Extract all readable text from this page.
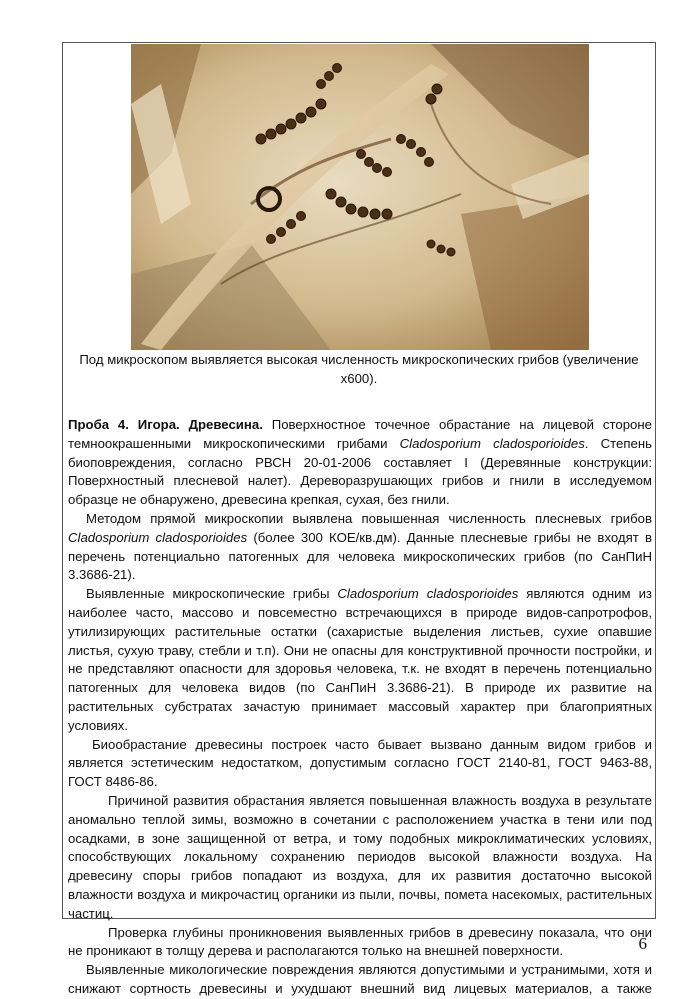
Под микроскопом выявляется высокая численность микроскопических грибов (увеличение х600).

Проба 4. Игора. Древесина. Поверхностное точечное обрастание на лицевой стороне темноокрашенными микроскопическими грибами Cladosporium cladosporioides. Степень биоповреждения, согласно РВСН 20-01-2006 составляет I (Деревянные конструкции: Поверхностный плесневой налет). Дереворазрушающих грибов и гнили в исследуемом образце не обнаружено, древесина крепкая, сухая, без гнили.

Методом прямой микроскопии выявлена повышенная численность плесневых грибов Cladosporium cladosporioides (более 300 КОЕ/кв.дм). Данные плесневые грибы не входят в перечень потенциально патогенных для человека микроскопических грибов (по СанПиН 3.3686-21).

Выявленные микроскопические грибы Cladosporium cladosporioides являются одним из наиболее часто, массово и повсеместно встречающихся в природе видов-сапротрофов, утилизирующих растительные остатки (сахаристые выделения листьев, сухие опавшие листья, сухую траву, стебли и т.п). Они не опасны для конструктивной прочности постройки, и не представляют опасности для здоровья человека, т.к. не входят в перечень потенциально патогенных для человека видов (по СанПиН 3.3686-21). В природе их развитие на растительных субстратах зачастую принимает массовый характер при благоприятных условиях.

Биообрастание древесины построек часто бывает вызвано данным видом грибов и является эстетическим недостатком, допустимым согласно ГОСТ 2140-81, ГОСТ 9463-88, ГОСТ 8486-86.

Причиной развития обрастания является повышенная влажность воздуха в результате аномально теплой зимы, возможно в сочетании с расположением участка в тени или под осадками, в зоне защищенной от ветра, и тому подобных микроклиматических условиях, способствующих локальному сохранению периодов высокой влажности воздуха. На древесину споры грибов попадают из воздуха, для их развития достаточно высокой влажности воздуха и микрочастиц органики из пыли, почвы, помета насекомых, растительных частиц.

Проверка глубины проникновения выявленных грибов в древесину показала, что они не проникают в толщу дерева и располагаются только на внешней поверхности.

Выявленные микологические повреждения являются допустимыми и устранимыми, хотя и снижают сортность древесины и ухудшают внешний вид лицевых материалов, а также

6
